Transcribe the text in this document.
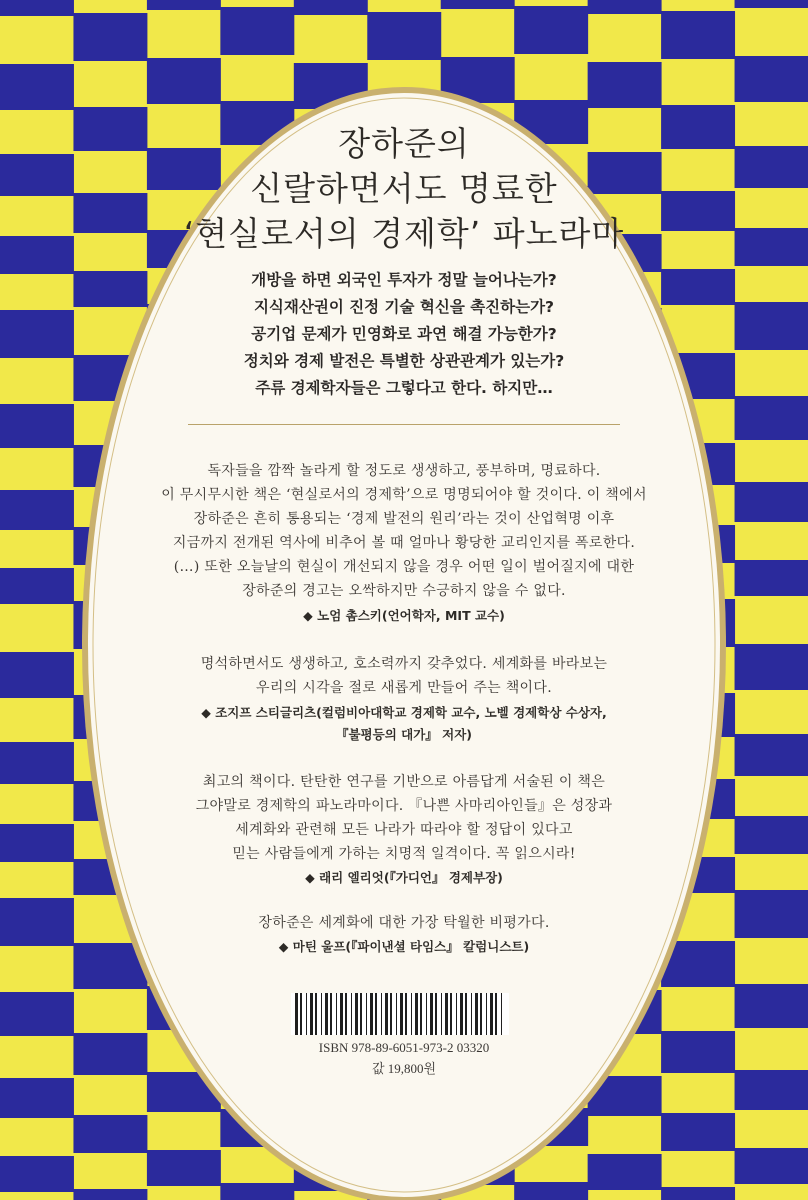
장하준의

신랄하면서도 명료한

‘현실로서의 경제학’ 파노라마

개방을 하면 외국인 투자가 정말 늘어나는가?

지식재산권이 진정 기술 혁신을 촉진하는가?

공기업 문제가 민영화로 과연 해결 가능한가?

정치와 경제 발전은 특별한 상관관계가 있는가?

주류 경제학자들은 그렇다고 한다. 하지만…

독자들을 깜짝 놀라게 할 정도로 생생하고, 풍부하며, 명료하다.

이 무시무시한 책은 ‘현실로서의 경제학’으로 명명되어야 할 것이다. 이 책에서

장하준은 흔히 통용되는 ‘경제 발전의 원리’라는 것이 산업혁명 이후

지금까지 전개된 역사에 비추어 볼 때 얼마나 황당한 교리인지를 폭로한다.

(…) 또한 오늘날의 현실이 개선되지 않을 경우 어떤 일이 벌어질지에 대한

장하준의 경고는 오싹하지만 수긍하지 않을 수 없다.

◆ 노엄 촘스키(언어학자, MIT 교수)

명석하면서도 생생하고, 호소력까지 갖추었다. 세계화를 바라보는

우리의 시각을 절로 새롭게 만들어 주는 책이다.

◆ 조지프 스티글리츠(컬럼비아대학교 경제학 교수, 노벨 경제학상 수상자,

『불평등의 대가』 저자)

최고의 책이다. 탄탄한 연구를 기반으로 아름답게 서술된 이 책은

그야말로 경제학의 파노라마이다. 『나쁜 사마리아인들』은 성장과

세계화와 관련해 모든 나라가 따라야 할 정답이 있다고

믿는 사람들에게 가하는 치명적 일격이다. 꼭 읽으시라!

◆ 래리 엘리엇(『가디언』 경제부장)

장하준은 세계화에 대한 가장 탁월한 비평가다.

◆ 마틴 울프(『파이낸셜 타임스』 칼럼니스트)

ISBN 978-89-6051-973-2 03320

값 19,800원
